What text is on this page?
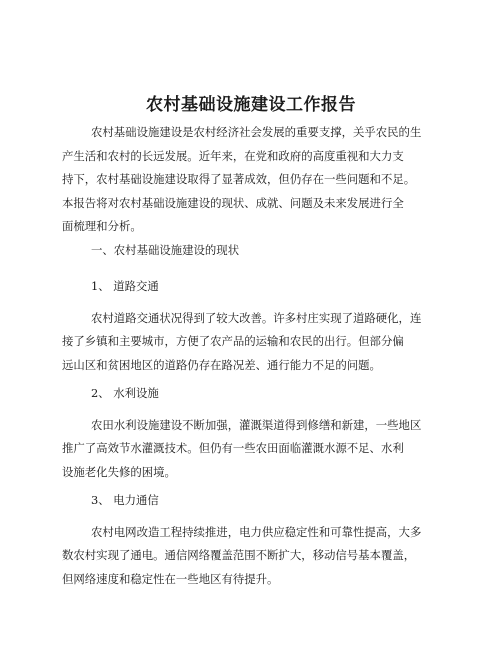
农村基础设施建设工作报告
农村基础设施建设是农村经济社会发展的重要支撑，关乎农民的生
产生活和农村的长远发展。近年来，在党和政府的高度重视和大力支
持下，农村基础设施建设取得了显著成效，但仍存在一些问题和不足。
本报告将对农村基础设施建设的现状、成就、问题及未来发展进行全
面梳理和分析。
一、农村基础设施建设的现状
1、 道路交通
农村道路交通状况得到了较大改善。许多村庄实现了道路硬化，连
接了乡镇和主要城市，方便了农产品的运输和农民的出行。但部分偏
远山区和贫困地区的道路仍存在路况差、通行能力不足的问题。
2、 水利设施
农田水利设施建设不断加强，灌溉渠道得到修缮和新建，一些地区
推广了高效节水灌溉技术。但仍有一些农田面临灌溉水源不足、水利
设施老化失修的困境。
3、 电力通信
农村电网改造工程持续推进，电力供应稳定性和可靠性提高，大多
数农村实现了通电。通信网络覆盖范围不断扩大，移动信号基本覆盖，
但网络速度和稳定性在一些地区有待提升。
